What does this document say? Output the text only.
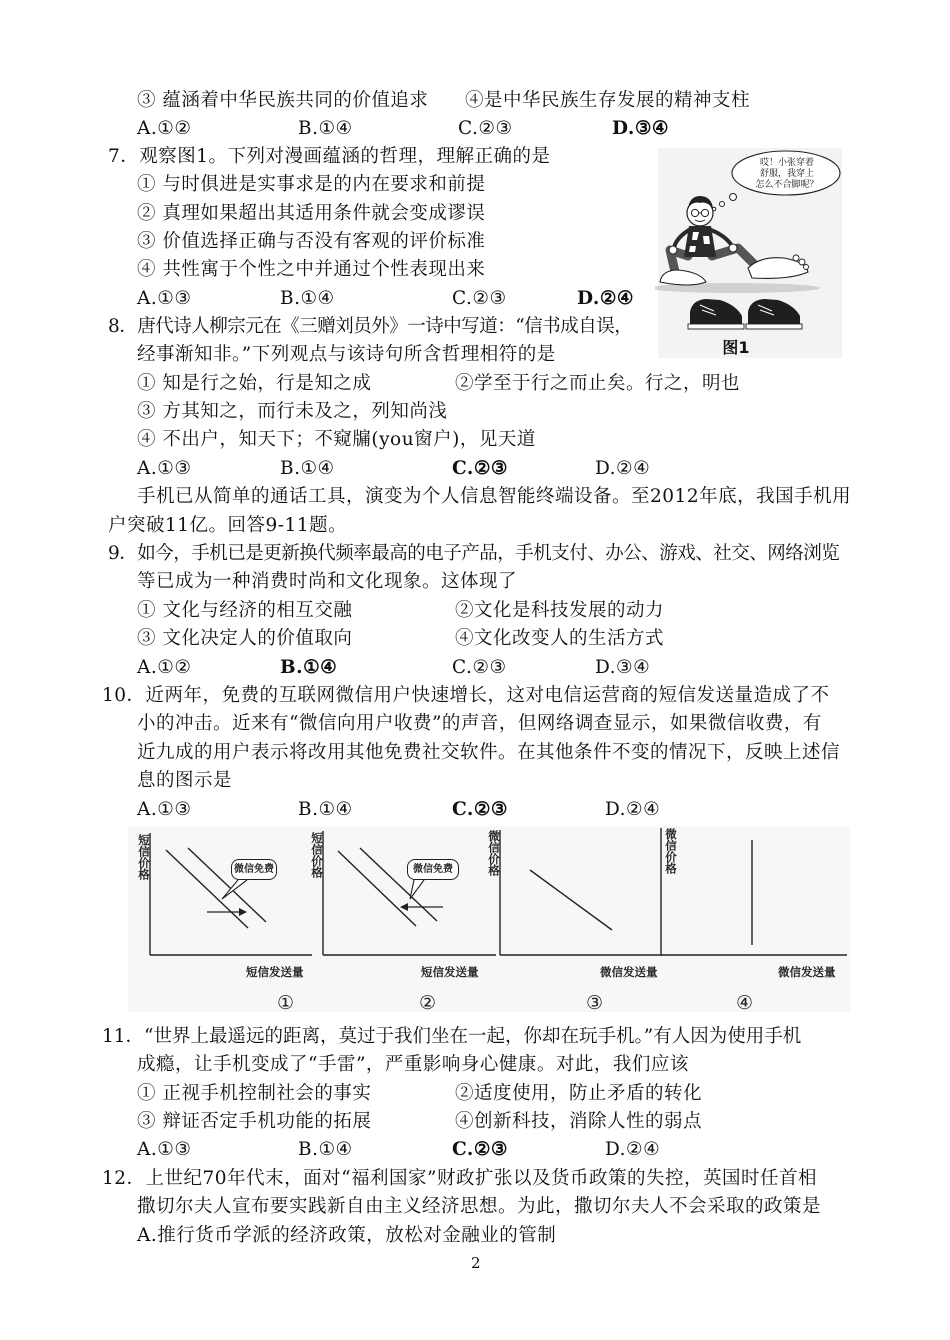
③ 蕴涵着中华民族共同的价值追求 ④是中华民族生存发展的精神支柱
A.①②	B.①④	C.②③	D.③④
7．观察图1。下列对漫画蕴涵的哲理，理解正确的是
① 与时俱进是实事求是的内在要求和前提
② 真理如果超出其适用条件就会变成谬误
③ 价值选择正确与否没有客观的评价标准
④ 共性寓于个性之中并通过个性表现出来
A.①③	B.①④	C.②③	D.②④
哎！小张穿着
舒服，我穿上
怎么不合脚呢？
图1
8．唐代诗人柳宗元在《三赠刘员外》一诗中写道：“信书成自误，
经事渐知非。”下列观点与该诗句所含哲理相符的是
① 知是行之始，行是知之成	②学至于行之而止矣。行之，明也
③ 方其知之，而行未及之，列知尚浅
④ 不出户，知天下；不窥牖(you窗户)，见天道
A.①③	B.①④	C.②③	D.②④
手机已从简单的通话工具，演变为个人信息智能终端设备。至2012年底，我国手机用
户突破11亿。回答9-11题。
9．如今，手机已是更新换代频率最高的电子产品，手机支付、办公、游戏、社交、网络浏览
等已成为一种消费时尚和文化现象。这体现了
① 文化与经济的相互交融	②文化是科技发展的动力
③ 文化决定人的价值取向	④文化改变人的生活方式
A.①②	B.①④	C.②③	D.③④
10．近两年，免费的互联网微信用户快速增长，这对电信运营商的短信发送量造成了不
小的冲击。近来有“微信向用户收费”的声音，但网络调查显示，如果微信收费，有
近九成的用户表示将改用其他免费社交软件。在其他条件不变的情况下，反映上述信
息的图示是
A.①③	B.①④	C.②③	D.②④
短信价格
短信发送量
微信免费
①
短信价格
短信发送量
微信免费
②
微信价格
微信发送量
③
微信价格
微信发送量
④
11．“世界上最遥远的距离，莫过于我们坐在一起，你却在玩手机。”有人因为使用手机
成瘾，让手机变成了“手雷”，严重影响身心健康。对此，我们应该
① 正视手机控制社会的事实	②适度使用，防止矛盾的转化
③ 辩证否定手机功能的拓展	④创新科技，消除人性的弱点
A.①③	B.①④	C.②③	D.②④
12．上世纪70年代末，面对“福利国家”财政扩张以及货币政策的失控，英国时任首相
撒切尔夫人宣布要实践新自由主义经济思想。为此，撒切尔夫人不会采取的政策是
A.推行货币学派的经济政策，放松对金融业的管制
2
